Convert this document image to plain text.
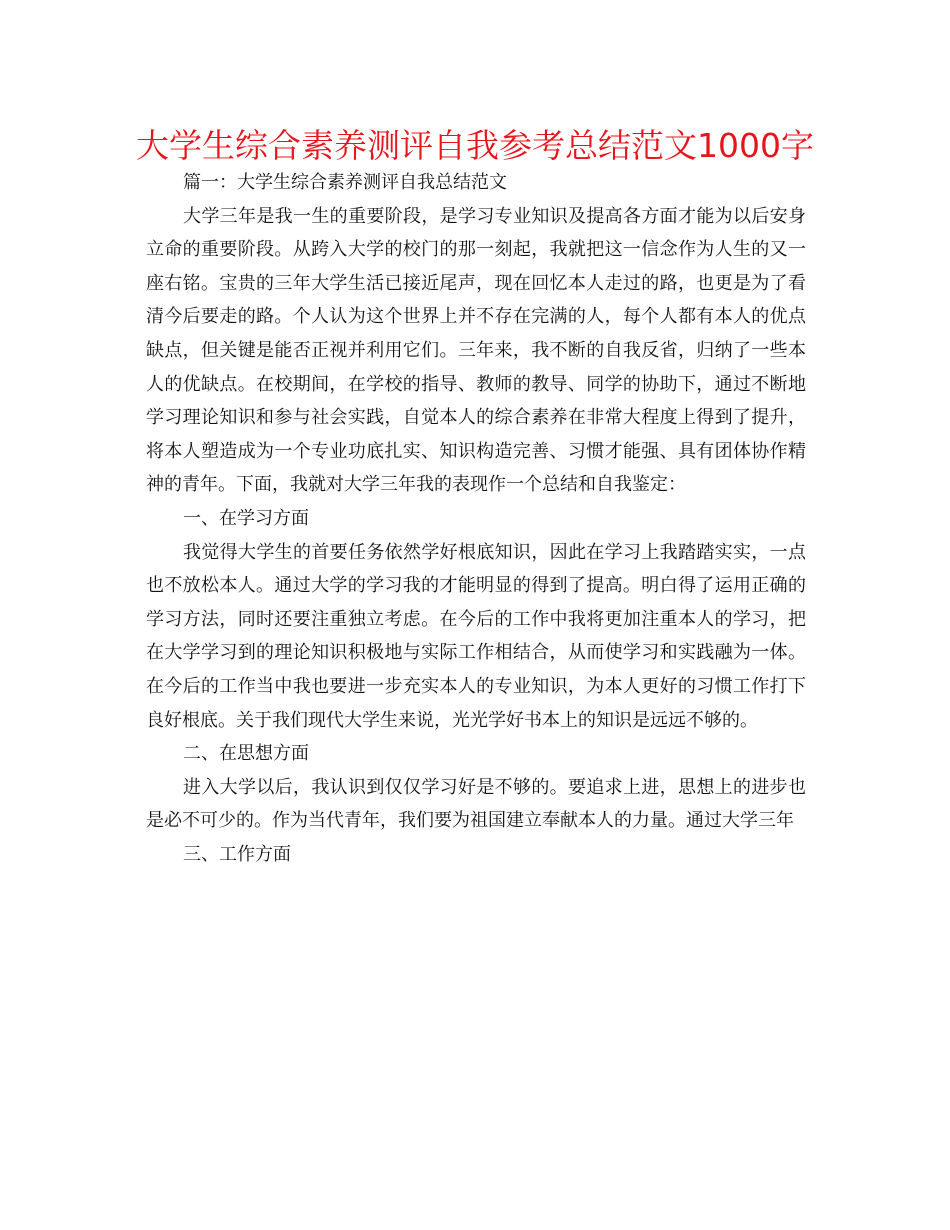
大学生综合素养测评自我参考总结范文1000字

篇一：大学生综合素养测评自我总结范文

大学三年是我一生的重要阶段，是学习专业知识及提高各方面才能为以后安身立命的重要阶段。从跨入大学的校门的那一刻起，我就把这一信念作为人生的又一座右铭。宝贵的三年大学生活已接近尾声，现在回忆本人走过的路，也更是为了看清今后要走的路。个人认为这个世界上并不存在完满的人，每个人都有本人的优点缺点，但关键是能否正视并利用它们。三年来，我不断的自我反省，归纳了一些本人的优缺点。在校期间，在学校的指导、教师的教导、同学的协助下，通过不断地学习理论知识和参与社会实践，自觉本人的综合素养在非常大程度上得到了提升，将本人塑造成为一个专业功底扎实、知识构造完善、习惯才能强、具有团体协作精神的青年。下面，我就对大学三年我的表现作一个总结和自我鉴定：

一、在学习方面

我觉得大学生的首要任务依然学好根底知识，因此在学习上我踏踏实实，一点也不放松本人。通过大学的学习我的才能明显的得到了提高。明白得了运用正确的学习方法，同时还要注重独立考虑。在今后的工作中我将更加注重本人的学习，把在大学学习到的理论知识积极地与实际工作相结合，从而使学习和实践融为一体。在今后的工作当中我也要进一步充实本人的专业知识，为本人更好的习惯工作打下良好根底。关于我们现代大学生来说，光光学好书本上的知识是远远不够的。

二、在思想方面

进入大学以后，我认识到仅仅学习好是不够的。要追求上进，思想上的进步也是必不可少的。作为当代青年，我们要为祖国建立奉献本人的力量。通过大学三年

三、工作方面
